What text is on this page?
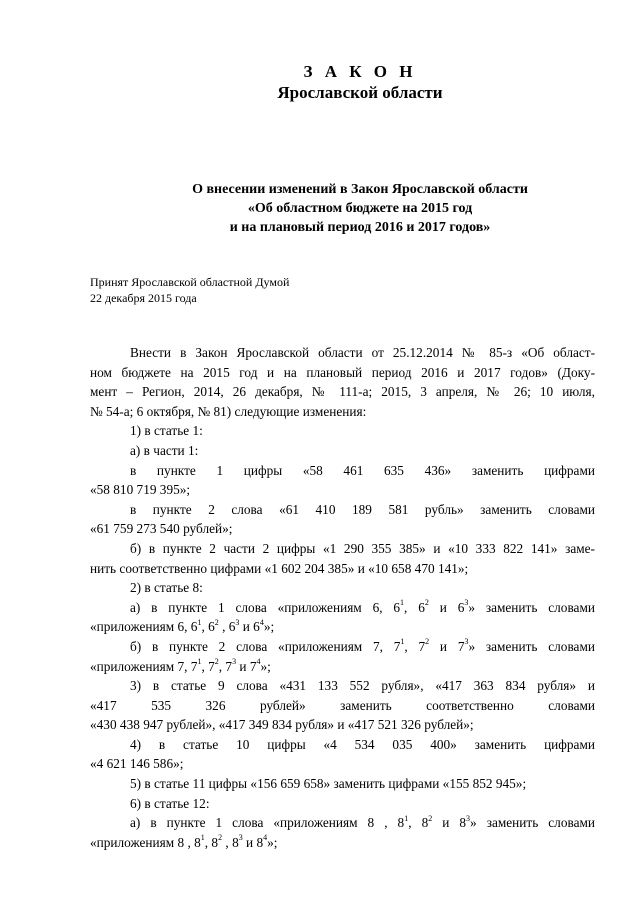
З А К О Н
Ярославской области
О внесении изменений в Закон Ярославской области
«Об областном бюджете на 2015 год
и на плановый период 2016 и 2017 годов»
Принят Ярославской областной Думой
22 декабря 2015 года
Внести в Закон Ярославской области от 25.12.2014 № 85-з «Об област-
ном бюджете на 2015 год и на плановый период 2016 и 2017 годов» (Доку-
мент – Регион, 2014, 26 декабря, № 111-а; 2015, 3 апреля, № 26; 10 июля,
№ 54-а; 6 октября, № 81) следующие изменения:
1) в статье 1:
а) в части 1:
в пункте 1 цифры «58 461 635 436» заменить цифрами
«58 810 719 395»;
в пункте 2 слова «61 410 189 581 рубль» заменить словами
«61 759 273 540 рублей»;
б) в пункте 2 части 2 цифры «1 290 355 385» и «10 333 822 141» заме-
нить соответственно цифрами «1 602 204 385» и «10 658 470 141»;
2) в статье 8:
а) в пункте 1 слова «приложениям 6, $6^1$, $6^2$ и $6^3$» заменить словами
«приложениям 6, $6^1$, $6^2$ , $6^3$ и $6^4$»;
б) в пункте 2 слова «приложениям 7, $7^1$, $7^2$ и $7^3$» заменить словами
«приложениям 7, $7^1$, $7^2$, $7^3$ и $7^4$»;
3) в статье 9 слова «431 133 552 рубля», «417 363 834 рубля» и
«417 535 326 рублей» заменить соответственно словами
«430 438 947 рублей», «417 349 834 рубля» и «417 521 326 рублей»;
4) в статье 10 цифры «4 534 035 400» заменить цифрами
«4 621 146 586»;
5) в статье 11 цифры «156 659 658» заменить цифрами «155 852 945»;
6) в статье 12:
а) в пункте 1 слова «приложениям 8 , $8^1$, $8^2$ и $8^3$» заменить словами
«приложениям 8 , $8^1$, $8^2$ , $8^3$ и $8^4$»;
